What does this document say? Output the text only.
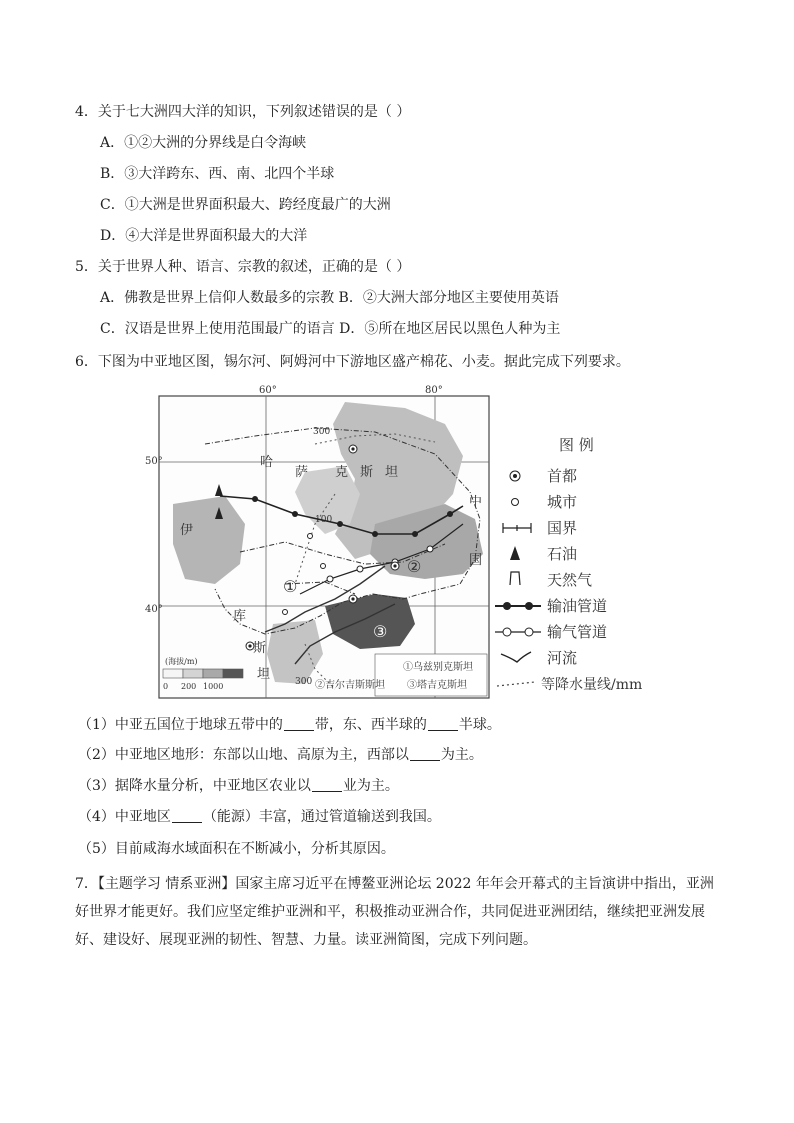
4．关于七大洲四大洋的知识，下列叙述错误的是（ ）
A．①②大洲的分界线是白令海峡
B．③大洋跨东、西、南、北四个半球
C．①大洲是世界面积最大、跨经度最广的大洲
D．④大洋是世界面积最大的大洋
5．关于世界人种、语言、宗教的叙述，正确的是（ ）
A．佛教是世界上信仰人数最多的宗教 B．②大洲大部分地区主要使用英语
C．汉语是世界上使用范围最广的语言 D．⑤所在地区居民以黑色人种为主
6．下图为中亚地区图，锡尔河、阿姆河中下游地区盛产棉花、小麦。据此完成下列要求。
60°	80°
50°
40°
300
100
300
哈
萨 克 斯 坦
中
国
库
斯
坦
伊
①
②
③
(海拔/m)
0 200 1000
①乌兹别克斯坦
②吉尔吉斯斯坦 ③塔吉克斯坦
图 例
首都
城市
国界
石油
天然气
输油管道
输气管道
河流
等降水量线/mm
（1）中亚五国位于地球五带中的 带，东、西半球的 半球。
（2）中亚地区地形：东部以山地、高原为主，西部以 为主。
（3）据降水量分析，中亚地区农业以 业为主。
（4）中亚地区 （能源）丰富，通过管道输送到我国。
（5）目前咸海水域面积在不断减小，分析其原因。
7．【主题学习 情系亚洲】国家主席习近平在博鳌亚洲论坛 2022 年年会开幕式的主旨演讲中指出，亚洲好世界才能更好。我们应坚定维护亚洲和平，积极推动亚洲合作，共同促进亚洲团结，继续把亚洲发展好、建设好、展现亚洲的韧性、智慧、力量。读亚洲简图，完成下列问题。
